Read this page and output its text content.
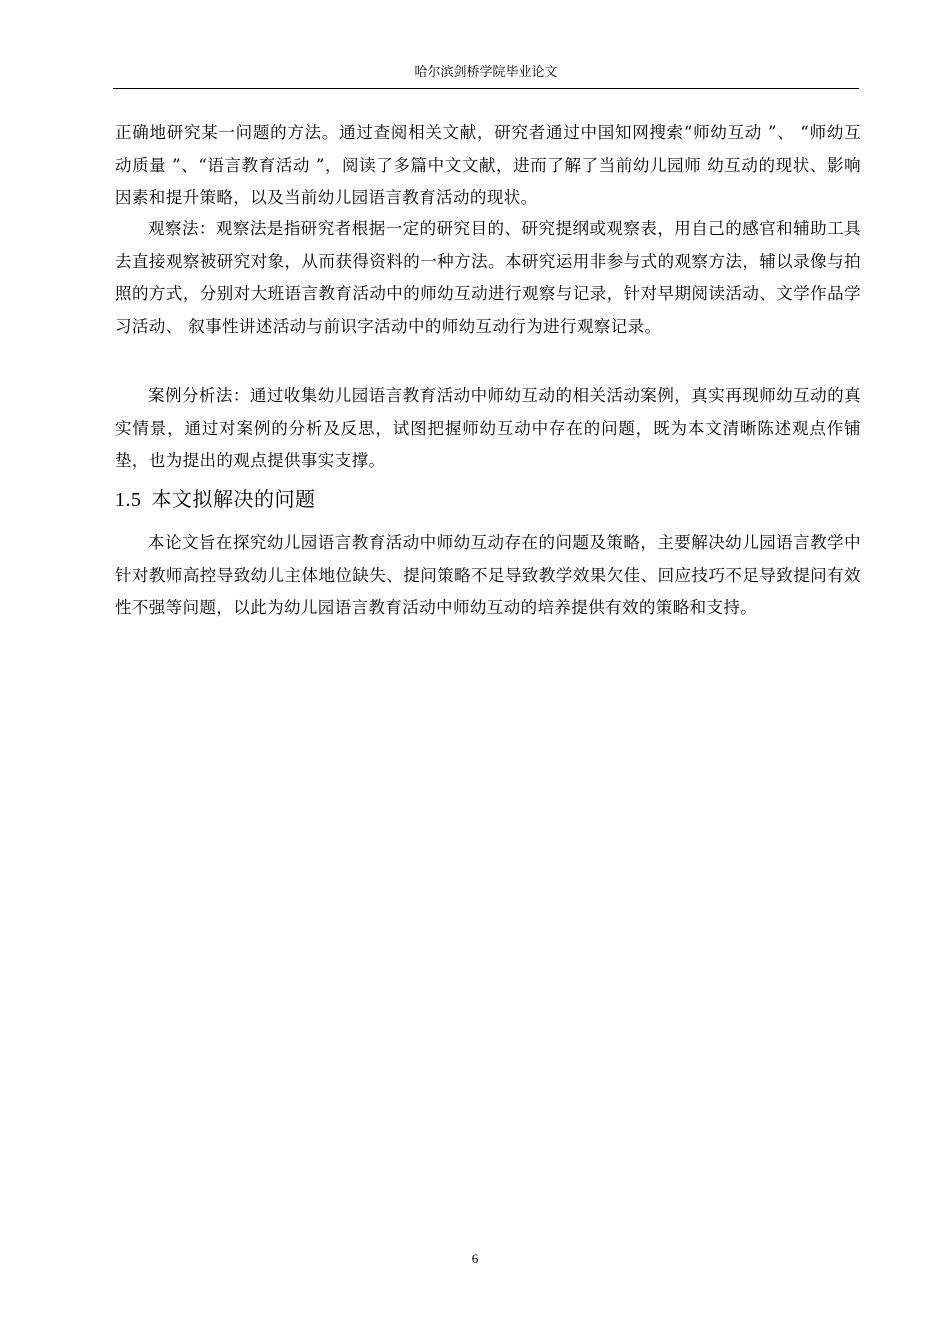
哈尔滨剑桥学院毕业论文

正确地研究某一问题的方法。通过查阅相关文献，研究者通过中国知网搜索“师幼互动 ”、 “师幼互动质量 ”、“语言教育活动 ”，阅读了多篇中文文献，进而了解了当前幼儿园师 幼互动的现状、影响因素和提升策略，以及当前幼儿园语言教育活动的现状。

观察法：观察法是指研究者根据一定的研究目的、研究提纲或观察表，用自己的感官和辅助工具去直接观察被研究对象，从而获得资料的一种方法。本研究运用非参与式的观察方法，辅以录像与拍照的方式，分别对大班语言教育活动中的师幼互动进行观察与记录，针对早期阅读活动、文学作品学习活动、 叙事性讲述活动与前识字活动中的师幼互动行为进行观察记录。

案例分析法：通过收集幼儿园语言教育活动中师幼互动的相关活动案例，真实再现师幼互动的真实情景，通过对案例的分析及反思，试图把握师幼互动中存在的问题，既为本文清晰陈述观点作铺垫，也为提出的观点提供事实支撑。

1.5 本文拟解决的问题

本论文旨在探究幼儿园语言教育活动中师幼互动存在的问题及策略，主要解决幼儿园语言教学中针对教师高控导致幼儿主体地位缺失、提问策略不足导致教学效果欠佳、回应技巧不足导致提问有效性不强等问题，以此为幼儿园语言教育活动中师幼互动的培养提供有效的策略和支持。

6
